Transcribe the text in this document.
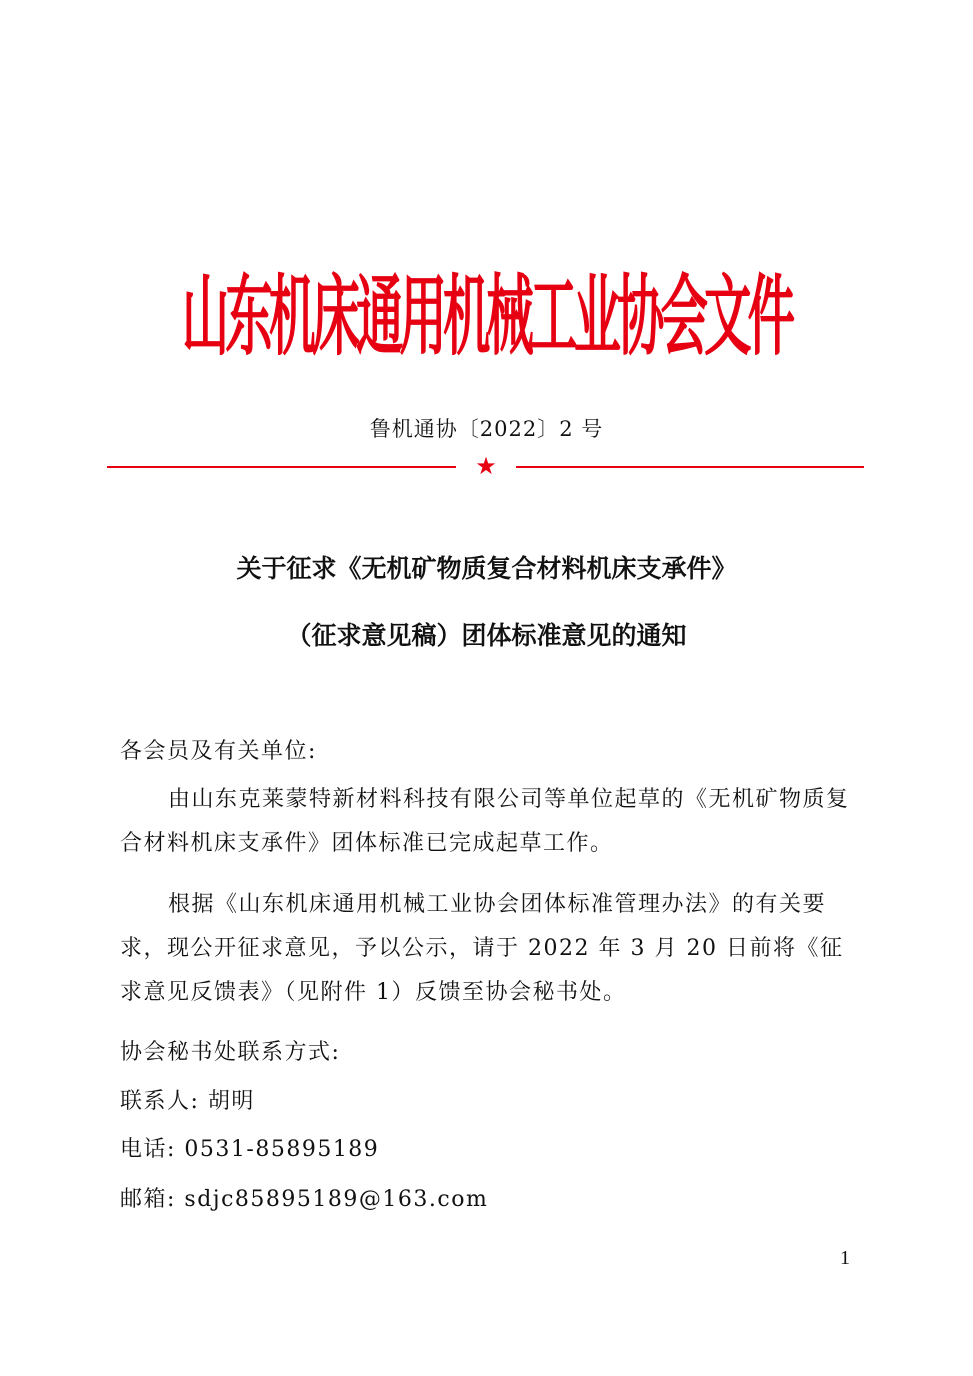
山东机床通用机械工业协会文件
鲁机通协〔2022〕2 号
★
关于征求《无机矿物质复合材料机床支承件》
（征求意见稿）团体标准意见的通知

各会员及有关单位:

由山东克莱蒙特新材料科技有限公司等单位起草的《无机矿物质复合材料机床支承件》团体标准已完成起草工作。

根据《山东机床通用机械工业协会团体标准管理办法》的有关要求，现公开征求意见，予以公示，请于 2022 年 3 月 20 日前将《征求意见反馈表》（见附件 1）反馈至协会秘书处。

协会秘书处联系方式:

联系人: 胡明

电话: 0531-85895189

邮箱: sdjc85895189@163.com

1
